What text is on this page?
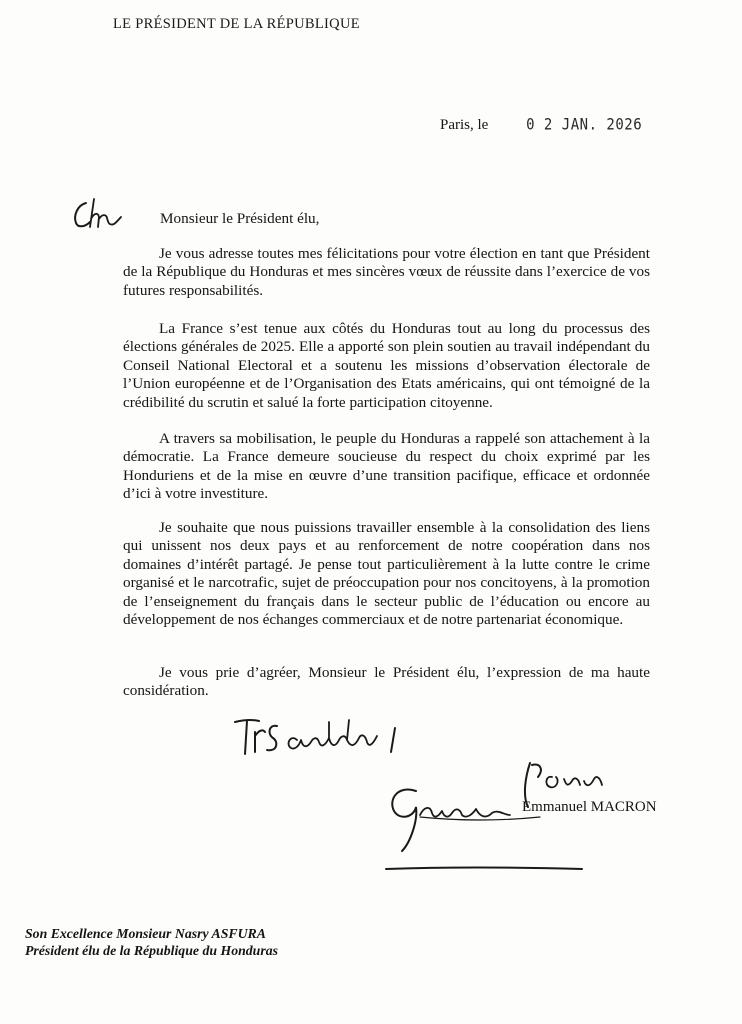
LE PRÉSIDENT DE LA RÉPUBLIQUE
Paris, le	0 2 JAN. 2026
Monsieur le Président élu,

Je vous adresse toutes mes félicitations pour votre élection en tant que Président de la République du Honduras et mes sincères vœux de réussite dans l’exercice de vos futures responsabilités.

La France s’est tenue aux côtés du Honduras tout au long du processus des élections générales de 2025. Elle a apporté son plein soutien au travail indépendant du Conseil National Electoral et a soutenu les missions d’observation électorale de l’Union européenne et de l’Organisation des Etats américains, qui ont témoigné de la crédibilité du scrutin et salué la forte participation citoyenne.

A travers sa mobilisation, le peuple du Honduras a rappelé son attachement à la démocratie. La France demeure soucieuse du respect du choix exprimé par les Honduriens et de la mise en œuvre d’une transition pacifique, efficace et ordonnée d’ici à votre investiture.

Je souhaite que nous puissions travailler ensemble à la consolidation des liens qui unissent nos deux pays et au renforcement de notre coopération dans nos domaines d’intérêt partagé. Je pense tout particulièrement à la lutte contre le crime organisé et le narcotrafic, sujet de préoccupation pour nos concitoyens, à la promotion de l’enseignement du français dans le secteur public de l’éducation ou encore au développement de nos échanges commerciaux et de notre partenariat économique.

Je vous prie d’agréer, Monsieur le Président élu, l’expression de ma haute considération.

Emmanuel MACRON
Son Excellence Monsieur Nasry ASFURA
Président élu de la République du Honduras
